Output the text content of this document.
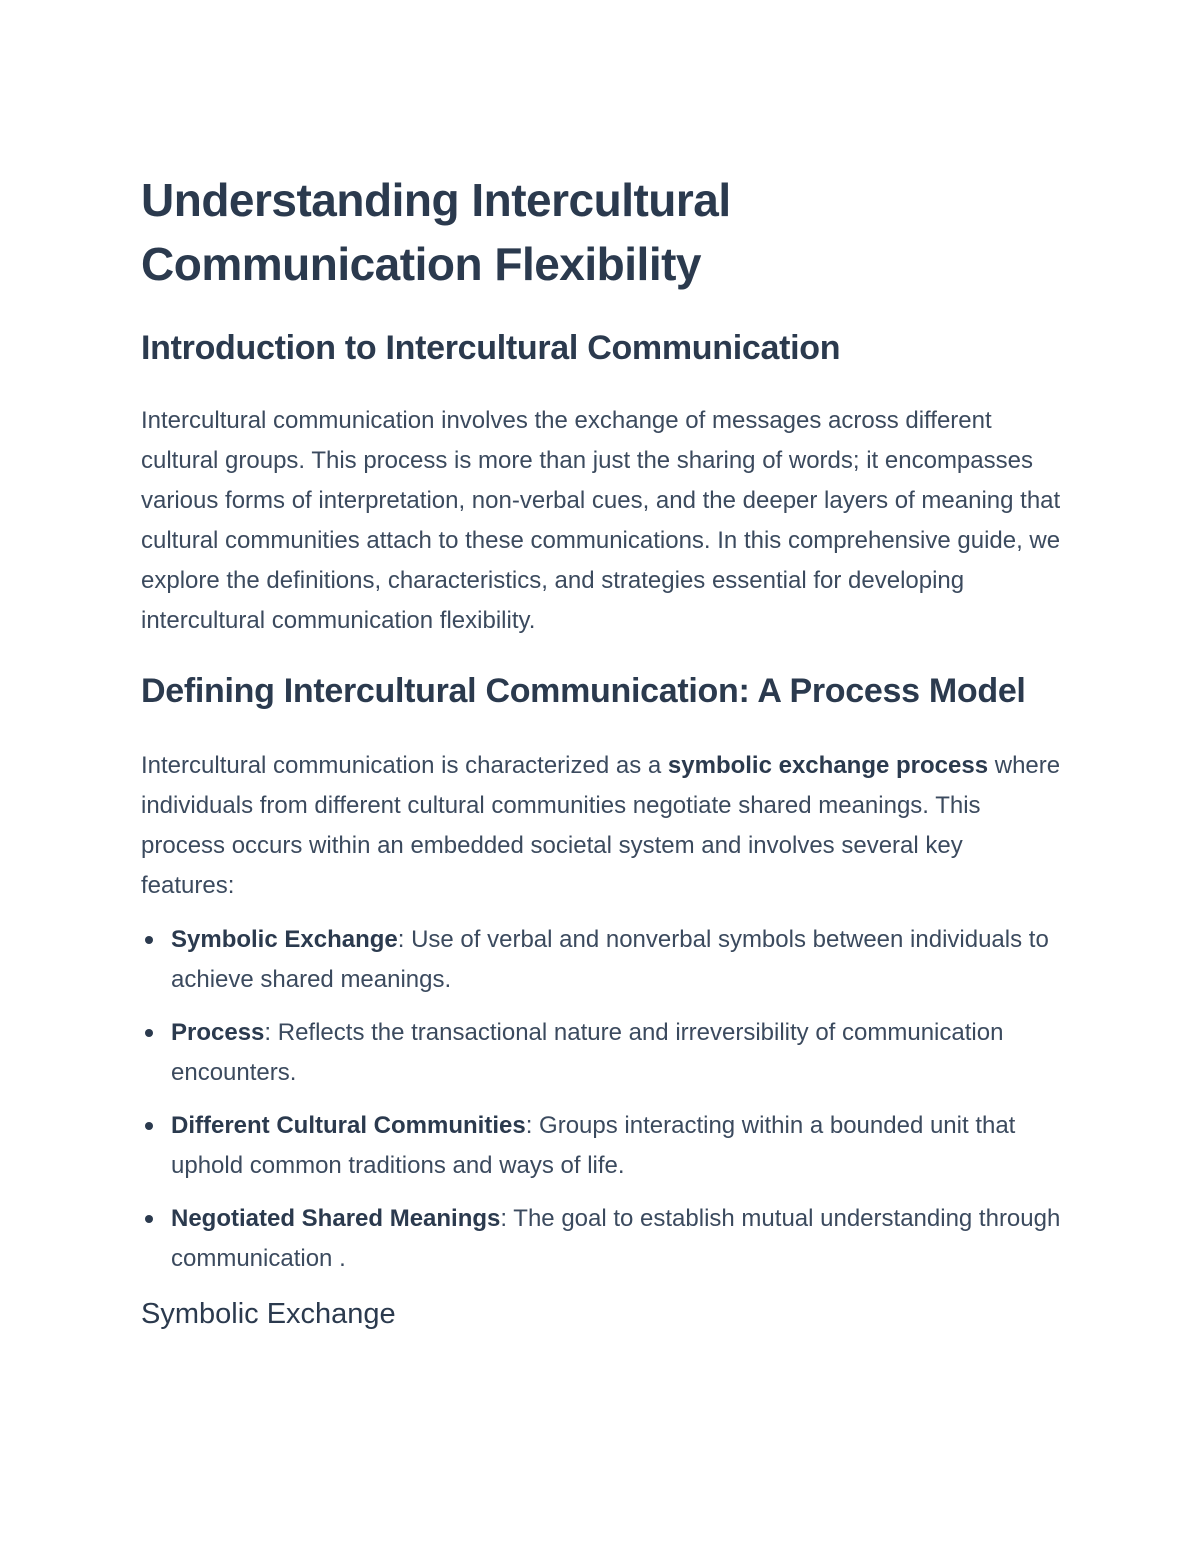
Understanding Intercultural Communication Flexibility
Introduction to Intercultural Communication

Intercultural communication involves the exchange of messages across different cultural groups. This process is more than just the sharing of words; it encompasses various forms of interpretation, non-verbal cues, and the deeper layers of meaning that cultural communities attach to these communications. In this comprehensive guide, we explore the definitions, characteristics, and strategies essential for developing intercultural communication flexibility.

Defining Intercultural Communication: A Process Model

Intercultural communication is characterized as a symbolic exchange process where individuals from different cultural communities negotiate shared meanings. This process occurs within an embedded societal system and involves several key features:

Symbolic Exchange: Use of verbal and nonverbal symbols between individuals to achieve shared meanings.
Process: Reflects the transactional nature and irreversibility of communication encounters.
Different Cultural Communities: Groups interacting within a bounded unit that uphold common traditions and ways of life.
Negotiated Shared Meanings: The goal to establish mutual understanding through communication .
Symbolic Exchange
